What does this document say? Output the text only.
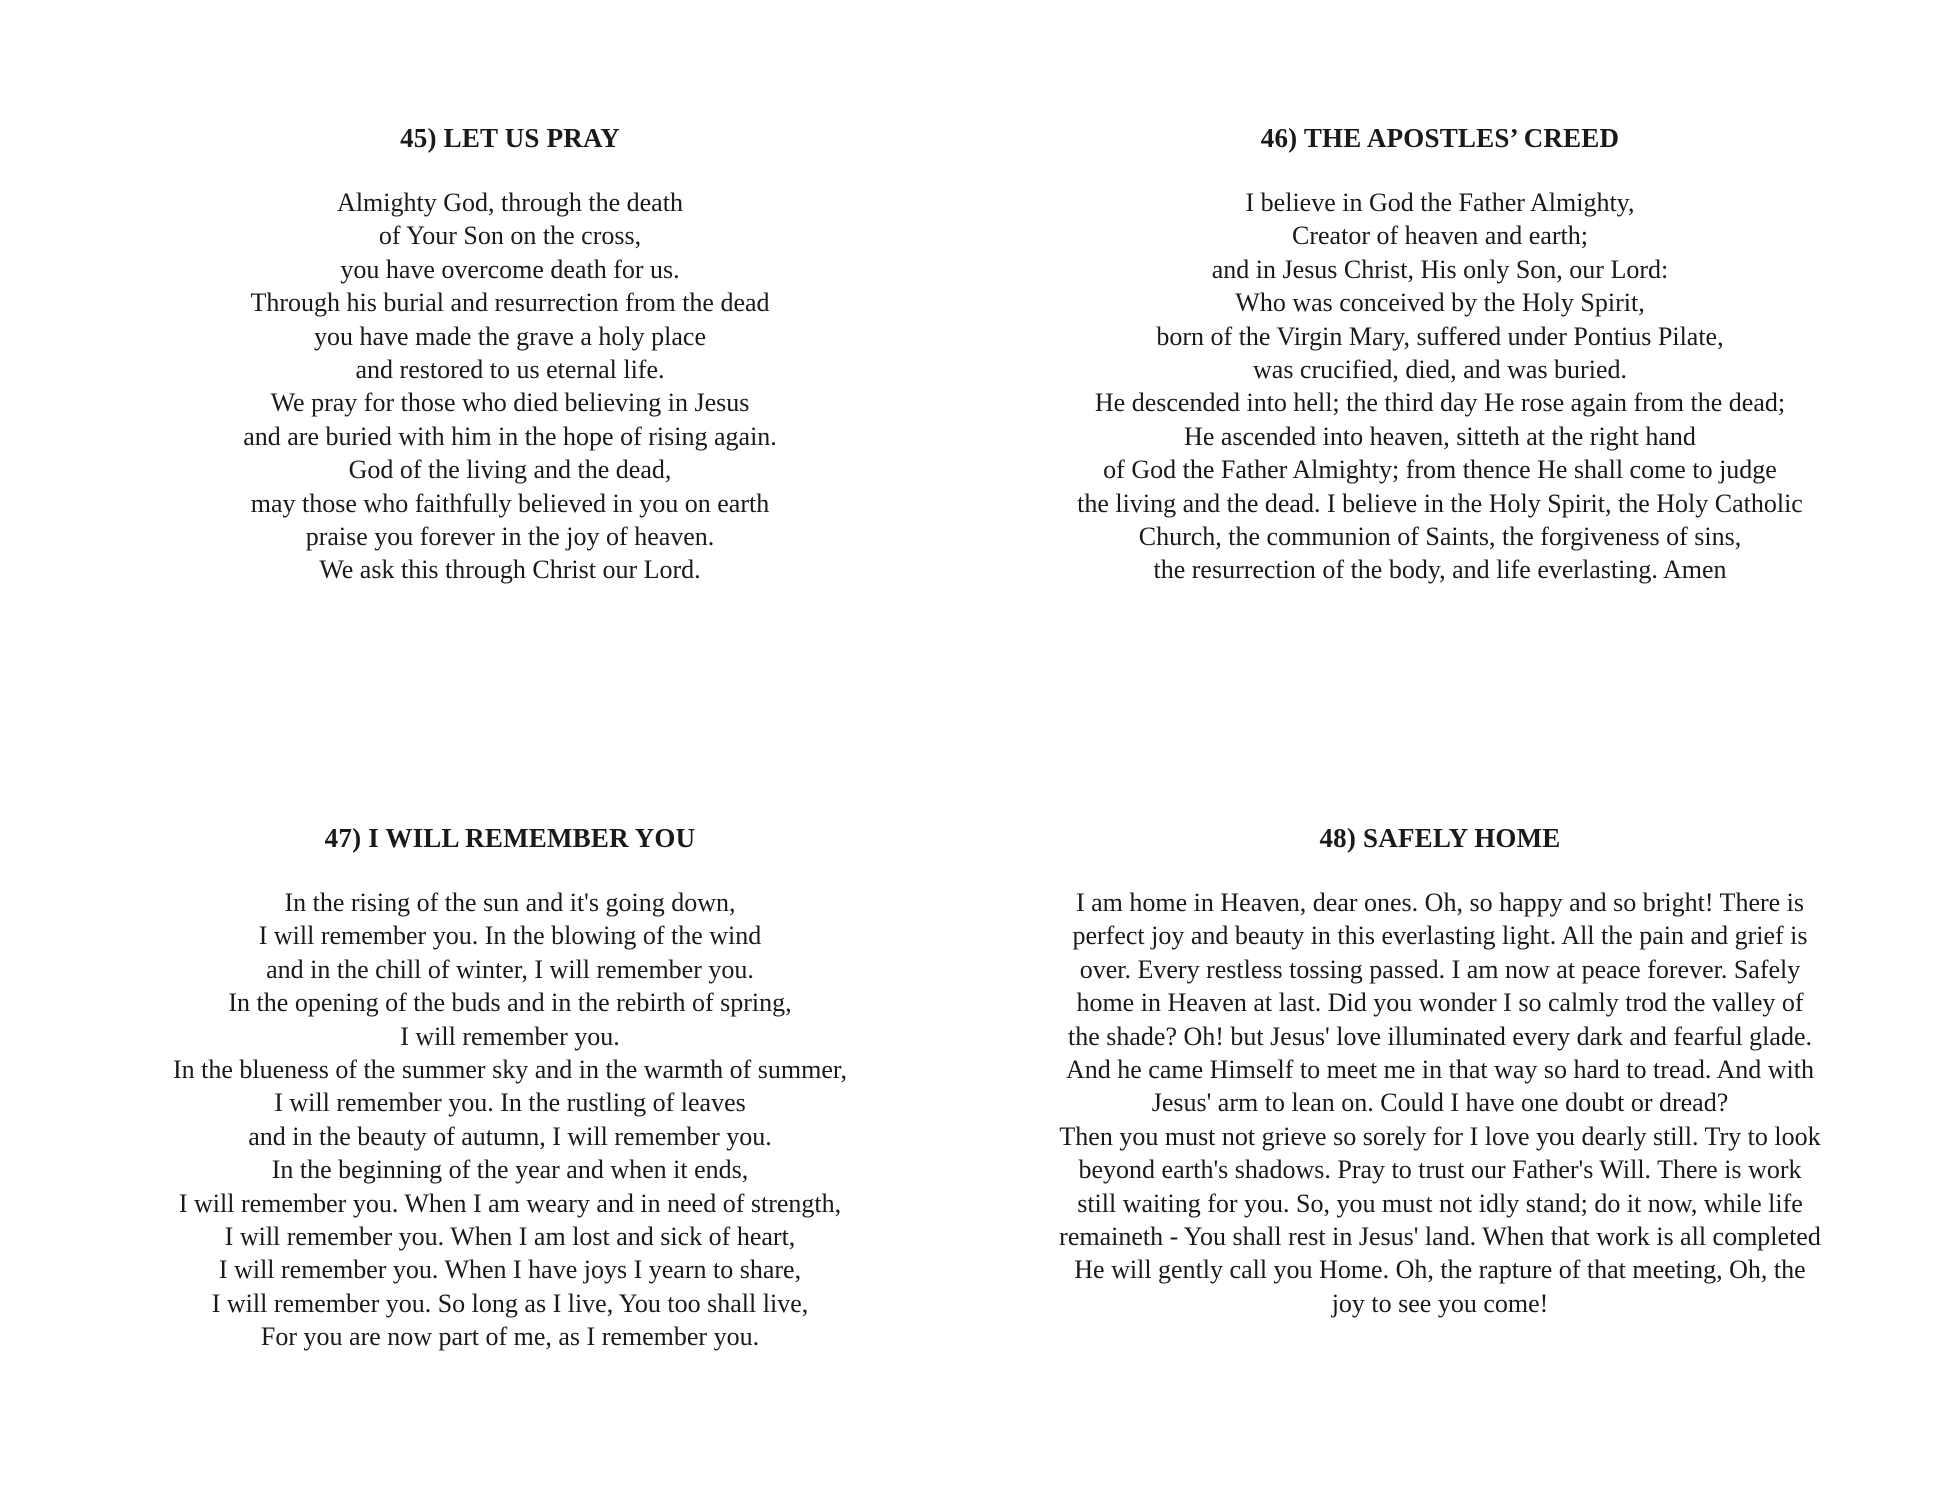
45) LET US PRAY
Almighty God, through the death
of Your Son on the cross,
you have overcome death for us.
Through his burial and resurrection from the dead
you have made the grave a holy place
and restored to us eternal life.
We pray for those who died believing in Jesus
and are buried with him in the hope of rising again.
God of the living and the dead,
may those who faithfully believed in you on earth
praise you forever in the joy of heaven.
We ask this through Christ our Lord.
46) THE APOSTLES’ CREED
I believe in God the Father Almighty,
Creator of heaven and earth;
and in Jesus Christ, His only Son, our Lord:
Who was conceived by the Holy Spirit,
born of the Virgin Mary, suffered under Pontius Pilate,
was crucified, died, and was buried.
He descended into hell; the third day He rose again from the dead;
He ascended into heaven, sitteth at the right hand
of God the Father Almighty; from thence He shall come to judge
the living and the dead. I believe in the Holy Spirit, the Holy Catholic
Church, the communion of Saints, the forgiveness of sins,
the resurrection of the body, and life everlasting. Amen
47) I WILL REMEMBER YOU
In the rising of the sun and it's going down,
I will remember you. In the blowing of the wind
and in the chill of winter, I will remember you.
In the opening of the buds and in the rebirth of spring,
I will remember you.
In the blueness of the summer sky and in the warmth of summer,
I will remember you. In the rustling of leaves
and in the beauty of autumn, I will remember you.
In the beginning of the year and when it ends,
I will remember you. When I am weary and in need of strength,
I will remember you. When I am lost and sick of heart,
I will remember you. When I have joys I yearn to share,
I will remember you. So long as I live, You too shall live,
For you are now part of me, as I remember you.
48) SAFELY HOME
I am home in Heaven, dear ones. Oh, so happy and so bright! There is
perfect joy and beauty in this everlasting light. All the pain and grief is
over. Every restless tossing passed. I am now at peace forever. Safely
home in Heaven at last. Did you wonder I so calmly trod the valley of
the shade? Oh! but Jesus' love illuminated every dark and fearful glade.
And he came Himself to meet me in that way so hard to tread. And with
Jesus' arm to lean on. Could I have one doubt or dread?
Then you must not grieve so sorely for I love you dearly still. Try to look
beyond earth's shadows. Pray to trust our Father's Will. There is work
still waiting for you. So, you must not idly stand; do it now, while life
remaineth - You shall rest in Jesus' land. When that work is all completed
He will gently call you Home. Oh, the rapture of that meeting, Oh, the
joy to see you come!
